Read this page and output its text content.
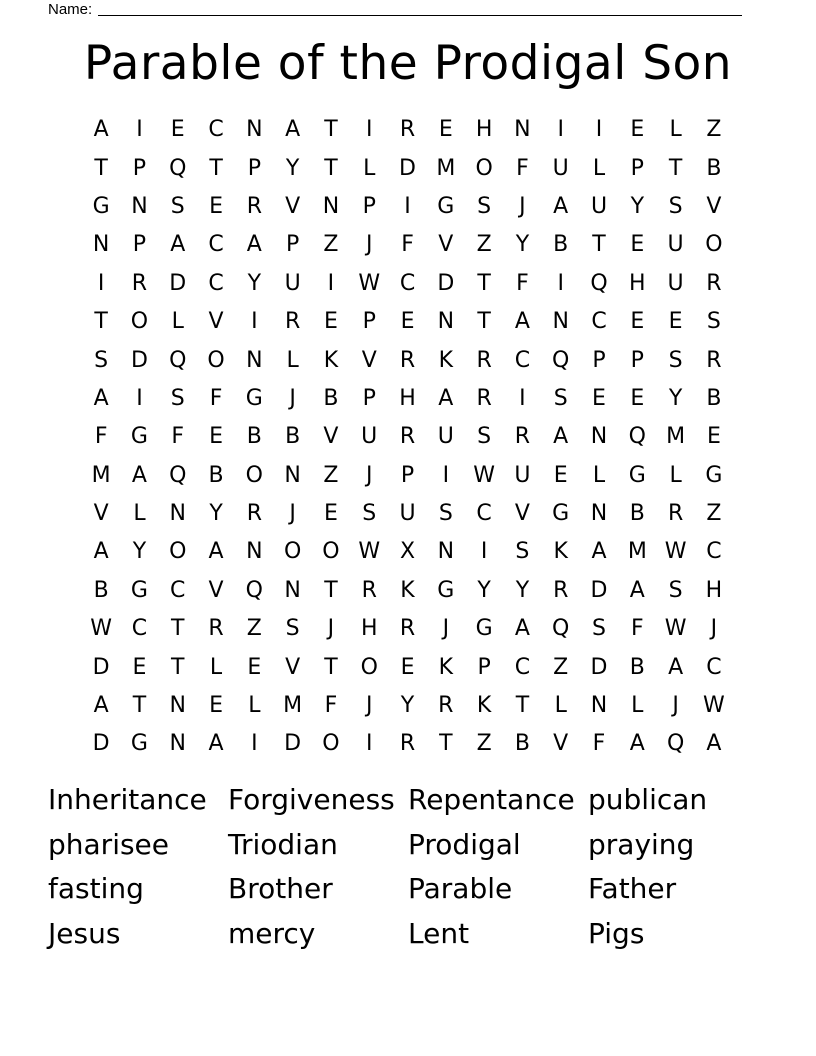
Name:
Parable of the Prodigal Son
A	I	E	C	N	A	T	I	R	E	H N	I	I	E	L	Z
T	P	Q	T	P	Y	T	L	D M O	F	U	L	P	T	B
G N	S	E	R	V	N	P	I	G	S	J	A	U	Y	S	V
N	P	A	C	A	P	Z	J	F	V	Z	Y	B	T	E	U O
I	R	D	C	Y	U	I	W C	D	T	F	I	Q H U	R
T	O	L	V	I	R	E	P	E	N	T	A	N	C	E	E	S
S	D Q O N	L	K	V	R	K	R	C Q	P	P	S	R
A	I	S	F	G	J	B	P	H	A	R	I	S	E	E	Y	B
F	G	F	E	B	B	V	U	R	U	S	R	A	N Q M E
M A	Q	B	O N	Z	J	P	I	W U	E	L	G	L	G
V	L	N	Y	R	J	E	S	U	S	C	V	G N	B	R	Z
A	Y	O	A	N O O W X	N	I	S	K	A M W C
B	G	C	V	Q N	T	R	K	G	Y	Y	R	D	A	S	H
W C	T	R	Z	S	J	H	R	J	G	A	Q	S	F W	J
D	E	T	L	E	V	T	O	E	K	P	C	Z	D	B	A	C
A	T	N	E	L	M	F	J	Y	R	K	T	L	N	L	J	W
D G N	A	I	D O	I	R	T	Z	B	V	F	A	Q	A
Inheritance Forgiveness Repentance publican
pharisee	Triodian	Prodigal	praying
fasting	Brother	Parable	Father
Jesus	mercy	Lent	Pigs
